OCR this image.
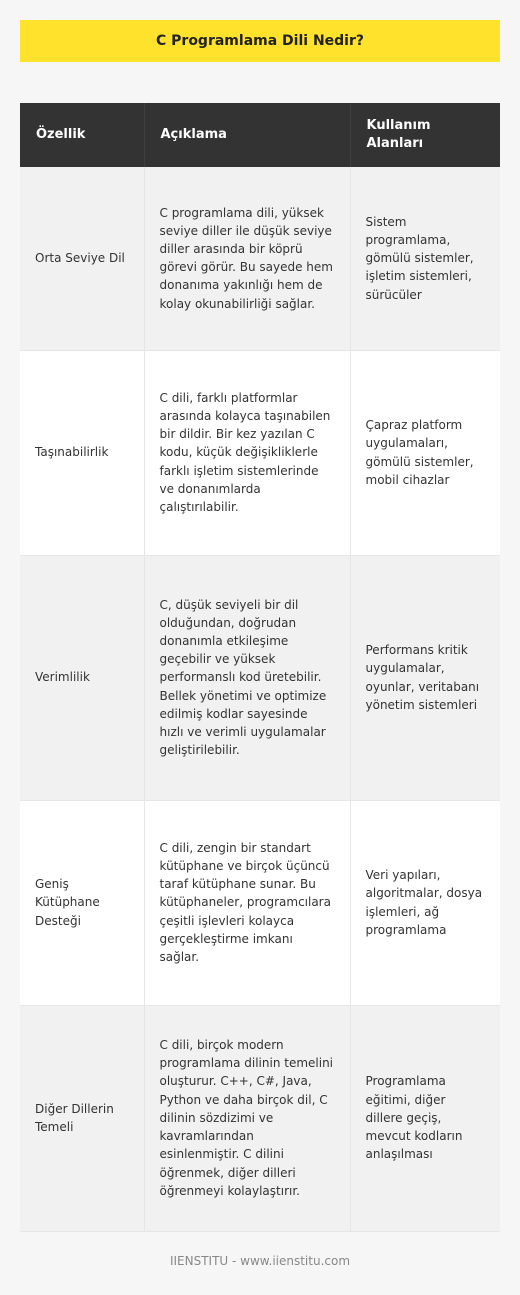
C Programlama Dili Nedir?
Özellik	Açıklama	Kullanım Alanları
Orta Seviye Dil	C programlama dili, yüksek seviye diller ile düşük seviye diller arasında bir köprü görevi görür. Bu sayede hem donanıma yakınlığı hem de kolay okunabilirliği sağlar.	Sistem programlama, gömülü sistemler, işletim sistemleri, sürücüler
Taşınabilirlik	C dili, farklı platformlar arasında kolayca taşınabilen bir dildir. Bir kez yazılan C kodu, küçük değişikliklerle farklı işletim sistemlerinde ve donanımlarda çalıştırılabilir.	Çapraz platform uygulamaları, gömülü sistemler, mobil cihazlar
Verimlilik	C, düşük seviyeli bir dil olduğundan, doğrudan donanımla etkileşime geçebilir ve yüksek performanslı kod üretebilir. Bellek yönetimi ve optimize edilmiş kodlar sayesinde hızlı ve verimli uygulamalar geliştirilebilir.	Performans kritik uygulamalar, oyunlar, veritabanı yönetim sistemleri
Geniş Kütüphane Desteği	C dili, zengin bir standart kütüphane ve birçok üçüncü taraf kütüphane sunar. Bu kütüphaneler, programcılara çeşitli işlevleri kolayca gerçekleştirme imkanı sağlar.	Veri yapıları, algoritmalar, dosya işlemleri, ağ programlama
Diğer Dillerin Temeli	C dili, birçok modern programlama dilinin temelini oluşturur. C++, C#, Java, Python ve daha birçok dil, C dilinin sözdizimi ve kavramlarından esinlenmiştir. C dilini öğrenmek, diğer dilleri öğrenmeyi kolaylaştırır.	Programlama eğitimi, diğer dillere geçiş, mevcut kodların anlaşılması
IIENSTITU - www.iienstitu.com
